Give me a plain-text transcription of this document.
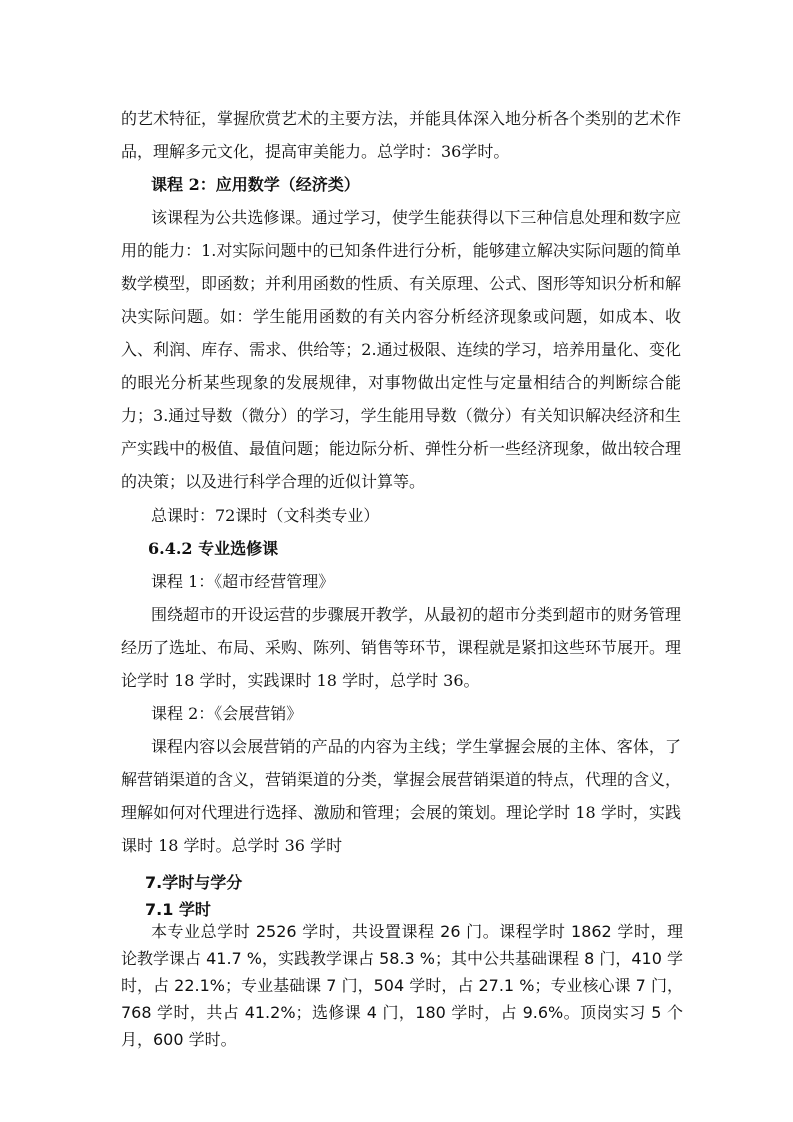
的艺术特征，掌握欣赏艺术的主要方法，并能具体深入地分析各个类别的艺术作品，理解多元文化，提高审美能力。总学时：36学时。

课程 2：应用数学（经济类）

该课程为公共选修课。通过学习，使学生能获得以下三种信息处理和数字应用的能力：1.对实际问题中的已知条件进行分析，能够建立解决实际问题的简单数学模型，即函数；并利用函数的性质、有关原理、公式、图形等知识分析和解决实际问题。如：学生能用函数的有关内容分析经济现象或问题，如成本、收入、利润、库存、需求、供给等；2.通过极限、连续的学习，培养用量化、变化的眼光分析某些现象的发展规律，对事物做出定性与定量相结合的判断综合能力；3.通过导数（微分）的学习，学生能用导数（微分）有关知识解决经济和生产实践中的极值、最值问题；能边际分析、弹性分析一些经济现象，做出较合理的决策；以及进行科学合理的近似计算等。

总课时：72课时（文科类专业）

6.4.2 专业选修课

课程 1：《超市经营管理》

围绕超市的开设运营的步骤展开教学，从最初的超市分类到超市的财务管理经历了选址、布局、采购、陈列、销售等环节，课程就是紧扣这些环节展开。理论学时 18 学时，实践课时 18 学时，总学时 36。

课程 2：《会展营销》

课程内容以会展营销的产品的内容为主线；学生掌握会展的主体、客体，了解营销渠道的含义，营销渠道的分类，掌握会展营销渠道的特点，代理的含义，理解如何对代理进行选择、激励和管理；会展的策划。理论学时 18 学时，实践课时 18 学时。总学时 36 学时

7.学时与学分

7.1 学时

本专业总学时 2526 学时，共设置课程 26 门。课程学时 1862 学时，理论教学课占 41.7 %，实践教学课占 58.3 %；其中公共基础课程 8 门，410 学时，占 22.1%；专业基础课 7 门，504 学时，占 27.1 %；专业核心课 7 门，768 学时，共占 41.2%；选修课 4 门，180 学时，占 9.6%。顶岗实习 5 个月，600 学时。
